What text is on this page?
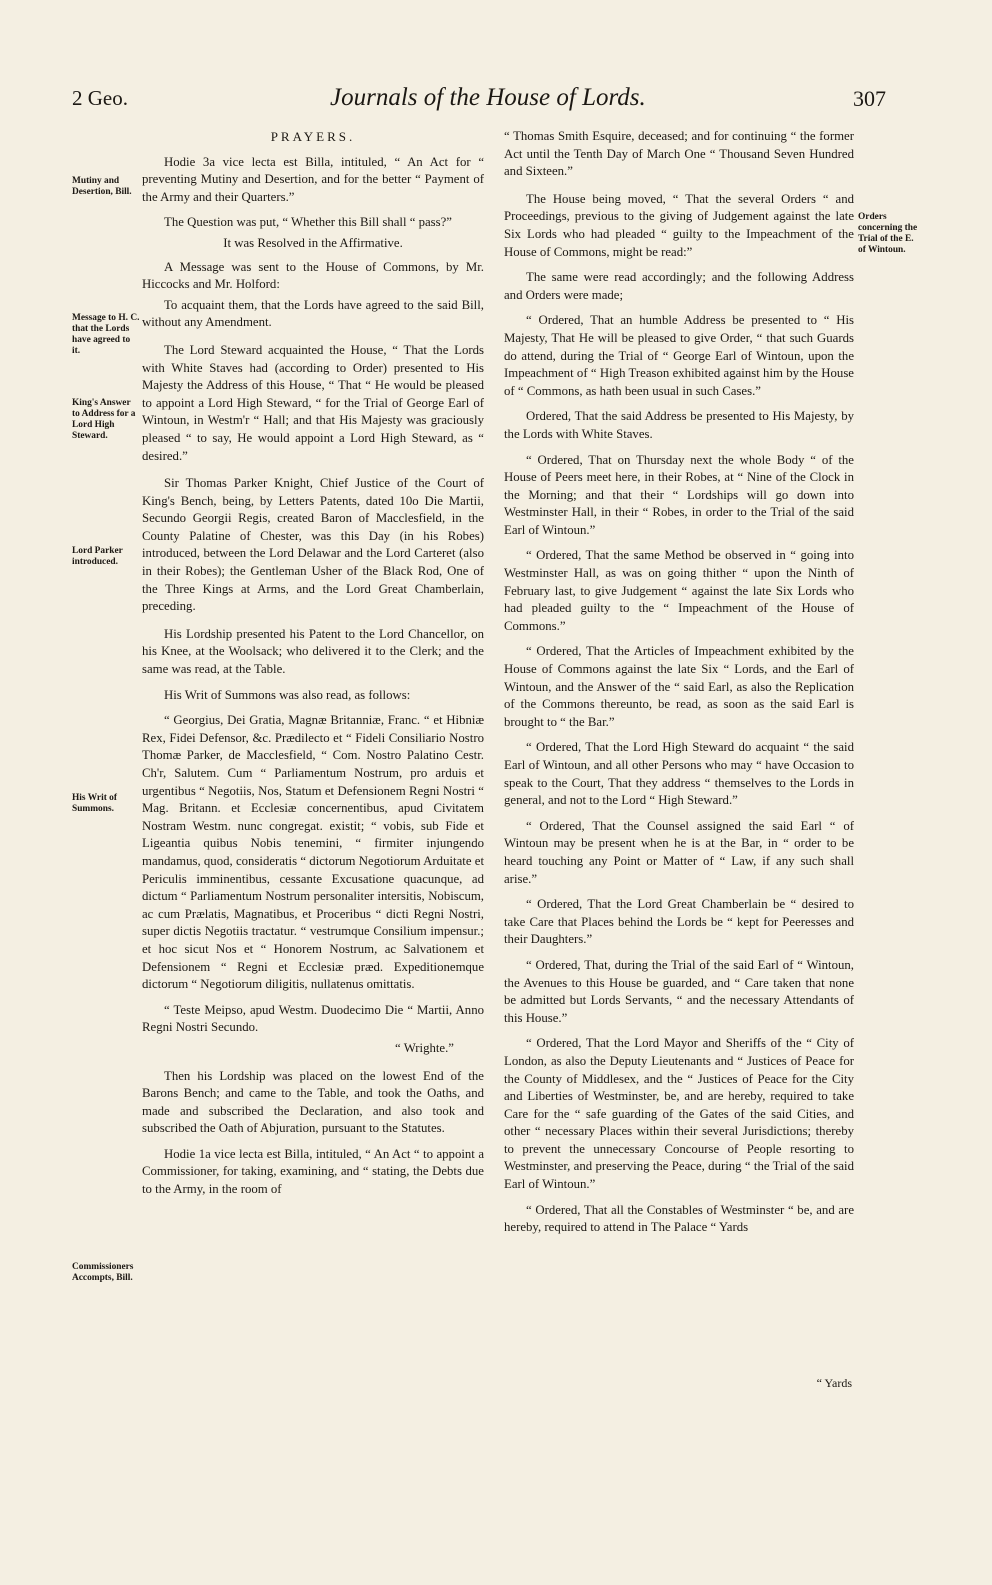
2 Geo.	Journals of the House of Lords.	307
Mutiny and Desertion, Bill.
Message to H. C. that the Lords have agreed to it.
King's Answer to Address for a Lord High Steward.
Lord Parker introduced.
His Writ of Summons.
Commissioners Accompts, Bill.
Orders concerning the Trial of the E. of Wintoun.

PRAYERS.

Hodie 3a vice lecta est Billa, intituled, “ An Act for “ preventing Mutiny and Desertion, and for the better “ Payment of the Army and their Quarters.”

The Question was put, “ Whether this Bill shall “ pass?”

It was Resolved in the Affirmative.

A Message was sent to the House of Commons, by Mr. Hiccocks and Mr. Holford:

To acquaint them, that the Lords have agreed to the said Bill, without any Amendment.

The Lord Steward acquainted the House, “ That the Lords with White Staves had (according to Order) presented to His Majesty the Address of this House, “ That “ He would be pleased to appoint a Lord High Steward, “ for the Trial of George Earl of Wintoun, in Westm'r “ Hall; and that His Majesty was graciously pleased “ to say, He would appoint a Lord High Steward, as “ desired.”

Sir Thomas Parker Knight, Chief Justice of the Court of King's Bench, being, by Letters Patents, dated 10o Die Martii, Secundo Georgii Regis, created Baron of Macclesfield, in the County Palatine of Chester, was this Day (in his Robes) introduced, between the Lord Delawar and the Lord Carteret (also in their Robes); the Gentleman Usher of the Black Rod, One of the Three Kings at Arms, and the Lord Great Chamberlain, preceding.

His Lordship presented his Patent to the Lord Chancellor, on his Knee, at the Woolsack; who delivered it to the Clerk; and the same was read, at the Table.

His Writ of Summons was also read, as follows:

“ Georgius, Dei Gratia, Magnæ Britanniæ, Franc. “ et Hibniæ Rex, Fidei Defensor, &c. Prædilecto et “ Fideli Consiliario Nostro Thomæ Parker, de Macclesfield, “ Com. Nostro Palatino Cestr. Ch'r, Salutem. Cum “ Parliamentum Nostrum, pro arduis et urgentibus “ Negotiis, Nos, Statum et Defensionem Regni Nostri “ Mag. Britann. et Ecclesiæ concernentibus, apud Civitatem Nostram Westm. nunc congregat. existit; “ vobis, sub Fide et Ligeantia quibus Nobis tenemini, “ firmiter injungendo mandamus, quod, consideratis “ dictorum Negotiorum Arduitate et Periculis imminentibus, cessante Excusatione quacunque, ad dictum “ Parliamentum Nostrum personaliter intersitis, Nobiscum, ac cum Prælatis, Magnatibus, et Proceribus “ dicti Regni Nostri, super dictis Negotiis tractatur. “ vestrumque Consilium impensur.; et hoc sicut Nos et “ Honorem Nostrum, ac Salvationem et Defensionem “ Regni et Ecclesiæ præd. Expeditionemque dictorum “ Negotiorum diligitis, nullatenus omittatis.

“ Teste Meipso, apud Westm. Duodecimo Die “ Martii, Anno Regni Nostri Secundo.

“ Wrighte.”

Then his Lordship was placed on the lowest End of the Barons Bench; and came to the Table, and took the Oaths, and made and subscribed the Declaration, and also took and subscribed the Oath of Abjuration, pursuant to the Statutes.

Hodie 1a vice lecta est Billa, intituled, “ An Act “ to appoint a Commissioner, for taking, examining, and “ stating, the Debts due to the Army, in the room of

“ Thomas Smith Esquire, deceased; and for continuing “ the former Act until the Tenth Day of March One “ Thousand Seven Hundred and Sixteen.”

The House being moved, “ That the several Orders “ and Proceedings, previous to the giving of Judgement against the late Six Lords who had pleaded “ guilty to the Impeachment of the House of Commons, might be read:”

The same were read accordingly; and the following Address and Orders were made;

“ Ordered, That an humble Address be presented to “ His Majesty, That He will be pleased to give Order, “ that such Guards do attend, during the Trial of “ George Earl of Wintoun, upon the Impeachment of “ High Treason exhibited against him by the House of “ Commons, as hath been usual in such Cases.”

Ordered, That the said Address be presented to His Majesty, by the Lords with White Staves.

“ Ordered, That on Thursday next the whole Body “ of the House of Peers meet here, in their Robes, at “ Nine of the Clock in the Morning; and that their “ Lordships will go down into Westminster Hall, in their “ Robes, in order to the Trial of the said Earl of Wintoun.”

“ Ordered, That the same Method be observed in “ going into Westminster Hall, as was on going thither “ upon the Ninth of February last, to give Judgement “ against the late Six Lords who had pleaded guilty to the “ Impeachment of the House of Commons.”

“ Ordered, That the Articles of Impeachment exhibited by the House of Commons against the late Six “ Lords, and the Earl of Wintoun, and the Answer of the “ said Earl, as also the Replication of the Commons thereunto, be read, as soon as the said Earl is brought to “ the Bar.”

“ Ordered, That the Lord High Steward do acquaint “ the said Earl of Wintoun, and all other Persons who may “ have Occasion to speak to the Court, That they address “ themselves to the Lords in general, and not to the Lord “ High Steward.”

“ Ordered, That the Counsel assigned the said Earl “ of Wintoun may be present when he is at the Bar, in “ order to be heard touching any Point or Matter of “ Law, if any such shall arise.”

“ Ordered, That the Lord Great Chamberlain be “ desired to take Care that Places behind the Lords be “ kept for Peeresses and their Daughters.”

“ Ordered, That, during the Trial of the said Earl of “ Wintoun, the Avenues to this House be guarded, and “ Care taken that none be admitted but Lords Servants, “ and the necessary Attendants of this House.”

“ Ordered, That the Lord Mayor and Sheriffs of the “ City of London, as also the Deputy Lieutenants and “ Justices of Peace for the County of Middlesex, and the “ Justices of Peace for the City and Liberties of Westminster, be, and are hereby, required to take Care for the “ safe guarding of the Gates of the said Cities, and other “ necessary Places within their several Jurisdictions; thereby to prevent the unnecessary Concourse of People resorting to Westminster, and preserving the Peace, during “ the Trial of the said Earl of Wintoun.”

“ Ordered, That all the Constables of Westminster “ be, and are hereby, required to attend in The Palace “ Yards

“ Yards
